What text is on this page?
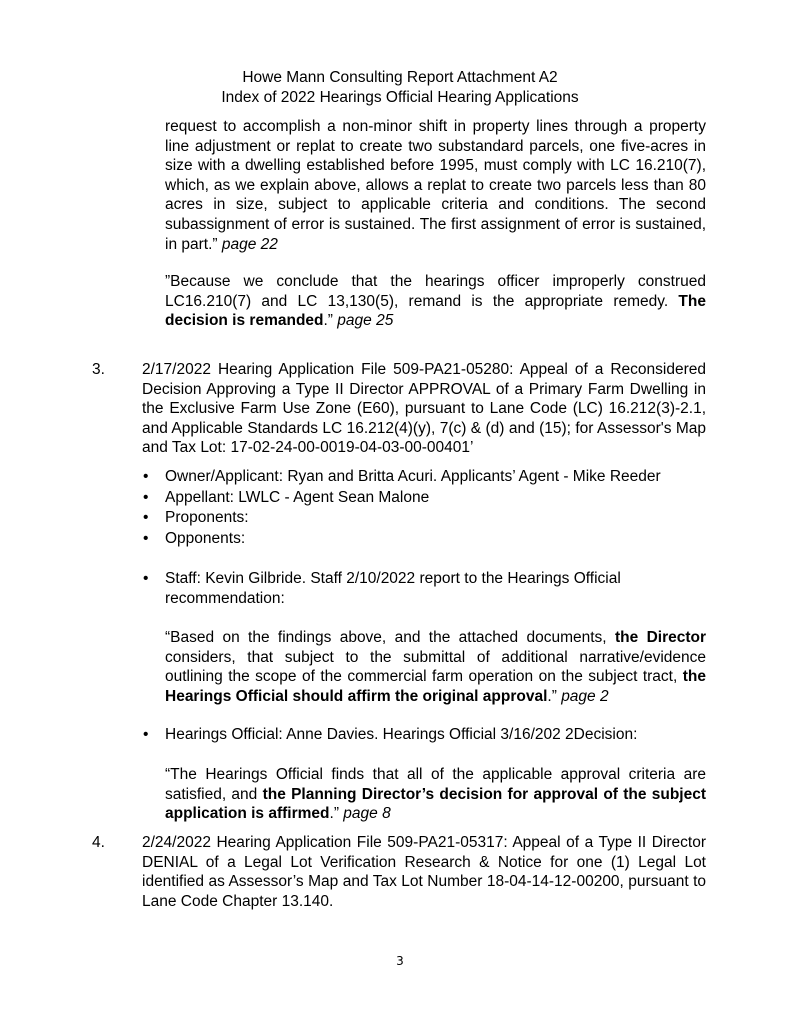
Howe Mann Consulting Report Attachment A2
Index of 2022 Hearings Official Hearing Applications
request to accomplish a non-minor shift in property lines through a property line adjustment or replat to create two substandard parcels, one five-acres in size with a dwelling established before 1995, must comply with LC 16.210(7), which, as we explain above, allows a replat to create two parcels less than 80 acres in size, subject to applicable criteria and conditions. The second subassignment of error is sustained. The first assignment of error is sustained, in part.” page 22
”Because we conclude that the hearings officer improperly construed LC16.210(7) and LC 13,130(5), remand is the appropriate remedy. The decision is remanded.” page 25
3. 2/17/2022 Hearing Application File 509-PA21-05280: Appeal of a Reconsidered Decision Approving a Type II Director APPROVAL of a Primary Farm Dwelling in the Exclusive Farm Use Zone (E60), pursuant to Lane Code (LC) 16.212(3)-2.1, and Applicable Standards LC 16.212(4)(y), 7(c) & (d) and (15); for Assessor's Map and Tax Lot: 17-02-24-00-0019-04-03-00-00401’
• Owner/Applicant: Ryan and Britta Acuri. Applicants’ Agent - Mike Reeder
• Appellant: LWLC - Agent Sean Malone
• Proponents:
• Opponents:
• Staff: Kevin Gilbride. Staff 2/10/2022 report to the Hearings Official recommendation:
“Based on the findings above, and the attached documents, the Director considers, that subject to the submittal of additional narrative/evidence outlining the scope of the commercial farm operation on the subject tract, the Hearings Official should affirm the original approval.” page 2
• Hearings Official: Anne Davies. Hearings Official 3/16/202 2Decision:
“The Hearings Official finds that all of the applicable approval criteria are satisfied, and the Planning Director’s decision for approval of the subject application is affirmed.” page 8
4. 2/24/2022 Hearing Application File 509-PA21-05317: Appeal of a Type II Director DENIAL of a Legal Lot Verification Research & Notice for one (1) Legal Lot identified as Assessor’s Map and Tax Lot Number 18-04-14-12-00200, pursuant to Lane Code Chapter 13.140.
3
